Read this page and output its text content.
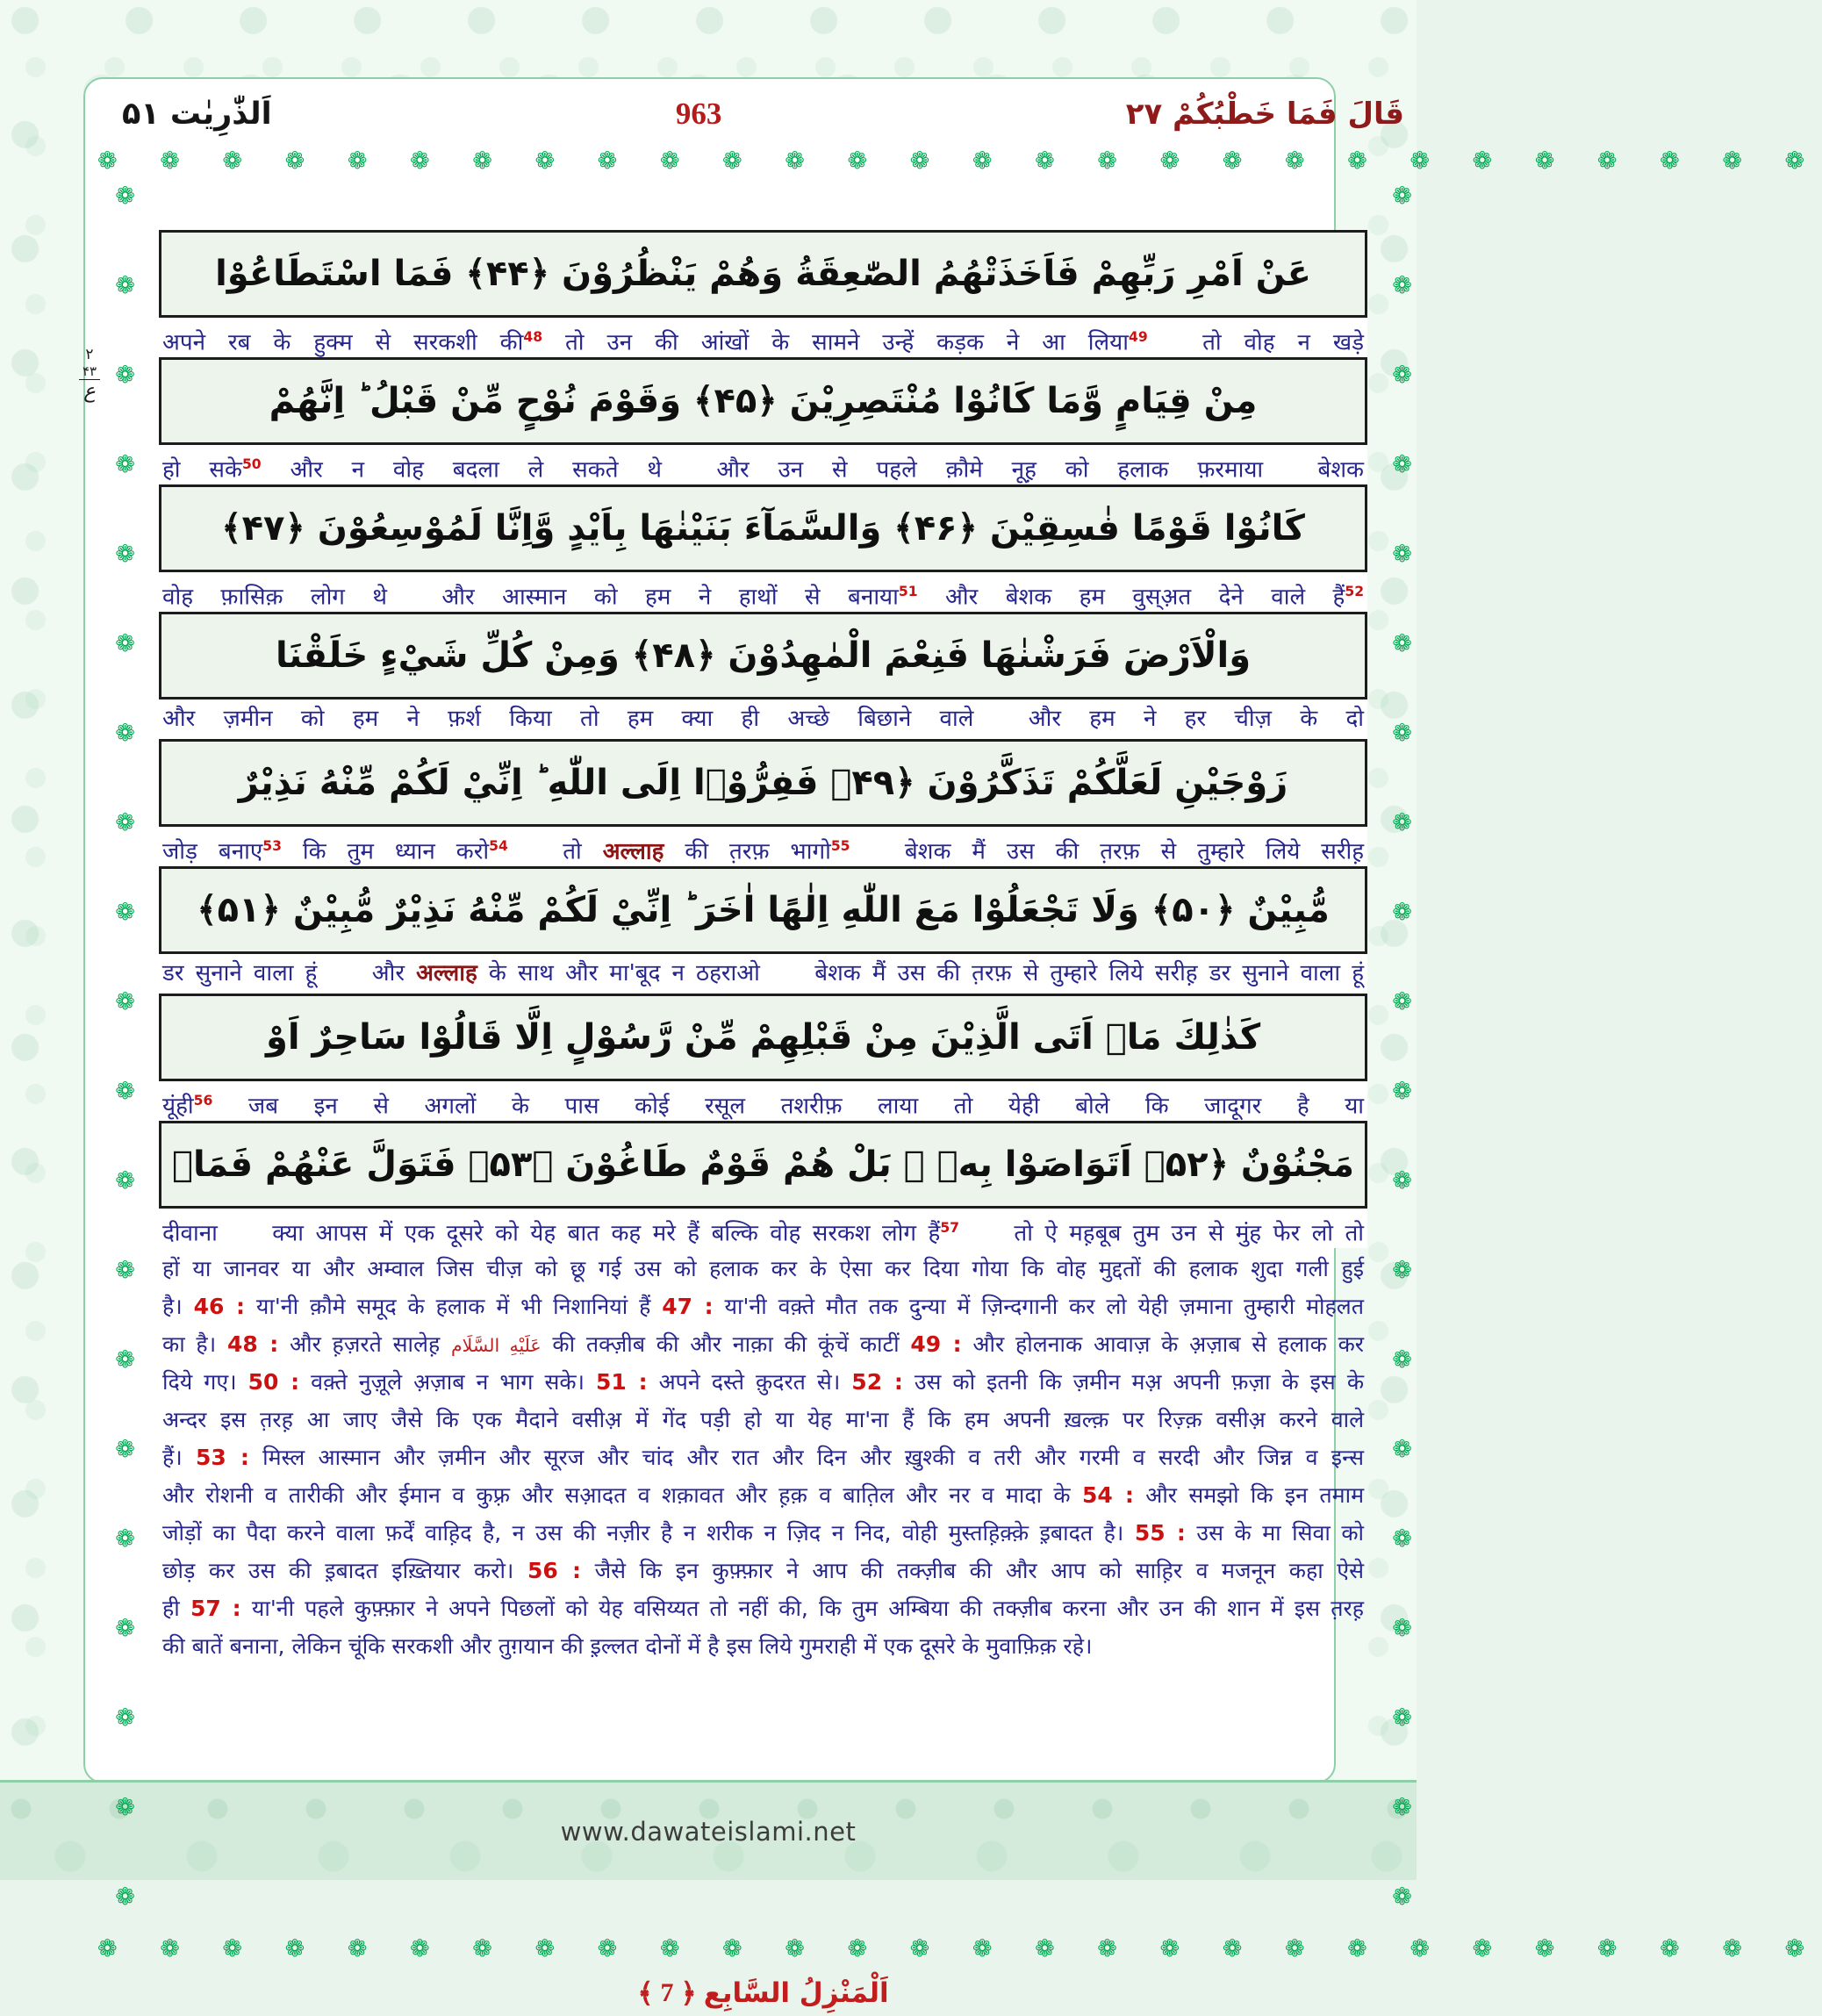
اَلذّٰرِيٰت ۵۱	963	قَالَ فَمَا خَطْبُكُمْ ۲۷
❁ ❁ ❁ ❁ ❁ ❁ ❁ ❁ ❁ ❁ ❁ ❁ ❁ ❁ ❁ ❁ ❁ ❁ ❁ ❁ ❁ ❁ ❁ ❁ ❁ ❁ ❁ ❁
❁ ❁ ❁ ❁ ❁ ❁ ❁ ❁ ❁ ❁ ❁ ❁ ❁ ❁ ❁ ❁ ❁ ❁ ❁ ❁
عَنْ اَمْرِ رَبِّهِمْ فَاَخَذَتْهُمُ الصّٰعِقَةُ وَهُمْ يَنْظُرُوْنَ ﴿۴۴﴾ فَمَا اسْتَطَاعُوْا
अपने रब के हुक्म से सरकशी की$^{48}$ तो उन की आंखों के सामने उन्हें कड़क ने आ लिया$^{49}$ तो वोह न खड़े
مِنْ قِيَامٍ وَّمَا كَانُوْا مُنْتَصِرِيْنَ ﴿۴۵﴾ وَقَوْمَ نُوْحٍ مِّنْ قَبْلُ ؕ اِنَّهُمْ
हो सके$^{50}$ और न वोह बदला ले सकते थे और उन से पहले क़ौमे नूह़ को हलाक फ़रमाया बेशक
كَانُوْا قَوْمًا فٰسِقِيْنَ ﴿۴۶﴾ وَالسَّمَآءَ بَنَيْنٰهَا بِاَيْدٍ وَّاِنَّا لَمُوْسِعُوْنَ ﴿۴۷﴾
वोह फ़ासिक़ लोग थे और आस्मान को हम ने हाथों से बनाया$^{51}$ और बेशक हम वुस्अ़त देने वाले हैं$^{52}$
وَالْاَرْضَ فَرَشْنٰهَا فَنِعْمَ الْمٰهِدُوْنَ ﴿۴۸﴾ وَمِنْ كُلِّ شَيْءٍ خَلَقْنَا
और ज़मीन को हम ने फ़र्श किया तो हम क्या ही अच्छे बिछाने वाले और हम ने हर चीज़ के दो
زَوْجَيْنِ لَعَلَّكُمْ تَذَكَّرُوْنَ ﴿۴۹﴾ فَفِرُّوْۤا اِلَى اللّٰهِ ؕ اِنِّيْ لَكُمْ مِّنْهُ نَذِيْرٌ
जोड़ बनाए$^{53}$ कि तुम ध्यान करो$^{54}$ तो अल्लाह की त़रफ़ भागो$^{55}$ बेशक मैं उस की त़रफ़ से तुम्हारे लिये सरीह़
مُّبِيْنٌ ﴿۵۰﴾ وَلَا تَجْعَلُوْا مَعَ اللّٰهِ اِلٰهًا اٰخَرَ ؕ اِنِّيْ لَكُمْ مِّنْهُ نَذِيْرٌ مُّبِيْنٌ ﴿۵۱﴾
डर सुनाने वाला हूं और अल्लाह के साथ और मा'बूद न ठहराओ बेशक मैं उस की त़रफ़ से तुम्हारे लिये सरीह़ डर सुनाने वाला हूं
كَذٰلِكَ مَاۤ اَتَى الَّذِيْنَ مِنْ قَبْلِهِمْ مِّنْ رَّسُوْلٍ اِلَّا قَالُوْا سَاحِرٌ اَوْ
यूंही$^{56}$ जब इन से अगलों के पास कोई रसूल तशरीफ़ लाया तो येही बोले कि जादूगर है या
مَجْنُوْنٌ ﴿۵۲﴾ اَتَوَاصَوْا بِهٖ ۚ بَلْ هُمْ قَوْمٌ طَاغُوْنَ ﴿۵۳﴾ فَتَوَلَّ عَنْهُمْ فَمَاۤ
दीवाना क्या आपस में एक दूसरे को येह बात कह मरे हैं बल्कि वोह सरकश लोग हैं$^{57}$ तो ऐ मह़बूब तुम उन से मुंह फेर लो तो
हों या जानवर या और अम्वाल जिस चीज़ को छू गई उस को हलाक कर के ऐसा कर दिया गोया कि वोह मुद्दतों की हलाक शुदा गली हुई
है। 46 : या'नी क़ौमे समूद के हलाक में भी निशानियां हैं 47 : या'नी वक़्ते मौत तक दुन्या में ज़िन्दगानी कर लो येही ज़माना तुम्हारी मोहलत
का है। 48 : और ह़ज़रते सालेह़ عَلَيْهِ السَّلَام की तक्ज़ीब की और नाक़ा की कूंचें काटीं 49 : और होलनाक आवाज़ के अ़ज़ाब से हलाक कर
दिये गए। 50 : वक़्ते नुज़ूले अ़ज़ाब न भाग सके। 51 : अपने दस्ते क़ुदरत से। 52 : उस को इतनी कि ज़मीन मअ़ अपनी फ़ज़ा के इस के
अन्दर इस त़रह़ आ जाए जैसे कि एक मैदाने वसीअ़ में गेंद पड़ी हो या येह मा'ना हैं कि हम अपनी ख़ल्क़ पर रिज़्क़ वसीअ़ करने वाले
हैं। 53 : मिस्ल आस्मान और ज़मीन और सूरज और चांद और रात और दिन और ख़ुश्की व तरी और गरमी व सरदी और जिन्न व इन्स
और रोशनी व तारीकी और ईमान व कुफ़्र और सआ़दत व शक़ावत और ह़क़ व बात़िल और नर व मादा के 54 : और समझो कि इन तमाम
जोड़ों का पैदा करने वाला फ़र्दें वाह़िद है, न उस की नज़ीर है न शरीक न ज़िद न निद, वोही मुस्तह़िक़्क़े इ़बादत है। 55 : उस के मा सिवा को
छोड़ कर उस की इ़बादत इख़्तियार करो। 56 : जैसे कि इन कुफ़्फ़ार ने आप की तक्ज़ीब की और आप को साह़िर व मजनून कहा ऐसे
ही 57 : या'नी पहले कुफ़्फ़ार ने अपने पिछलों को येह वसिय्यत तो नहीं की, कि तुम अम्बिया की तक्ज़ीब करना और उन की शान में इस त़रह़
की बातें बनाना, लेकिन चूंकि सरकशी और तुग़यान की इ़ल्लत दोनों में है इस लिये गुमराही में एक दूसरे के मुवाफ़िक़ रहे।
❁ ❁ ❁ ❁ ❁ ❁ ❁ ❁ ❁ ❁ ❁ ❁ ❁ ❁ ❁ ❁ ❁ ❁ ❁ ❁
❁ ❁ ❁ ❁ ❁ ❁ ❁ ❁ ❁ ❁ ❁ ❁ ❁ ❁ ❁ ❁ ❁ ❁ ❁ ❁ ❁ ❁ ❁ ❁ ❁ ❁ ❁ ❁
اَلْمَنْزِلُ السَّابِع
﴿
7
﴾
۲
۴۳
ع
www.dawateislami.net
